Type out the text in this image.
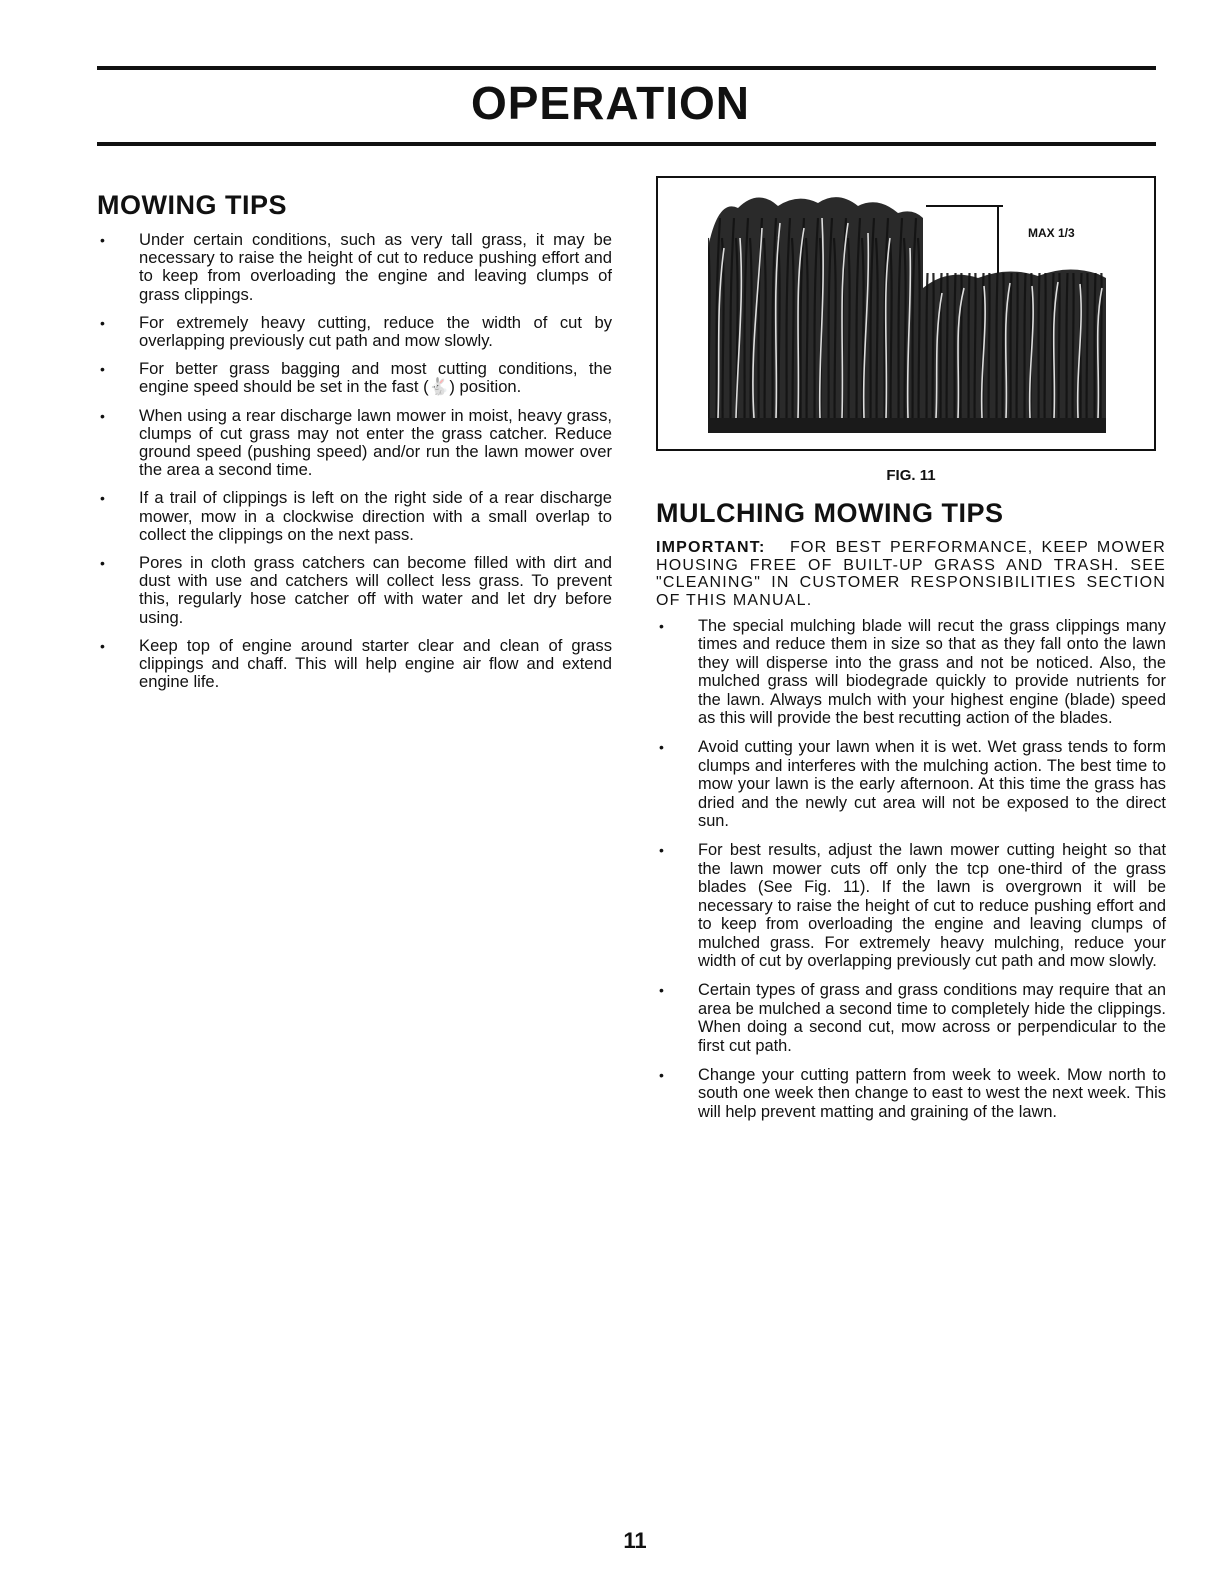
OPERATION
MOWING TIPS
• Under certain conditions, such as very tall grass, it may be necessary to raise the height of cut to reduce pushing effort and to keep from overloading the engine and leaving clumps of grass clippings.
• For extremely heavy cutting, reduce the width of cut by overlapping previously cut path and mow slowly.
• For better grass bagging and most cutting conditions, the engine speed should be set in the fast (🐇) position.
• When using a rear discharge lawn mower in moist, heavy grass, clumps of cut grass may not enter the grass catcher. Reduce ground speed (pushing speed) and/or run the lawn mower over the area a second time.
• If a trail of clippings is left on the right side of a rear discharge mower, mow in a clockwise direction with a small overlap to collect the clippings on the next pass.
• Pores in cloth grass catchers can become filled with dirt and dust with use and catchers will collect less grass. To prevent this, regularly hose catcher off with water and let dry before using.
• Keep top of engine around starter clear and clean of grass clippings and chaff. This will help engine air flow and extend engine life.
MAX 1/3
FIG. 11
MULCHING MOWING TIPS

IMPORTANT: FOR BEST PERFORMANCE, KEEP MOWER HOUSING FREE OF BUILT-UP GRASS AND TRASH. SEE "CLEANING" IN CUSTOMER RESPONSIBILITIES SECTION OF THIS MANUAL.

• The special mulching blade will recut the grass clippings many times and reduce them in size so that as they fall onto the lawn they will disperse into the grass and not be noticed. Also, the mulched grass will biodegrade quickly to provide nutrients for the lawn. Always mulch with your highest engine (blade) speed as this will provide the best recutting action of the blades.
• Avoid cutting your lawn when it is wet. Wet grass tends to form clumps and interferes with the mulching action. The best time to mow your lawn is the early afternoon. At this time the grass has dried and the newly cut area will not be exposed to the direct sun.
• For best results, adjust the lawn mower cutting height so that the lawn mower cuts off only the tcp one-third of the grass blades (See Fig. 11). If the lawn is overgrown it will be necessary to raise the height of cut to reduce pushing effort and to keep from overloading the engine and leaving clumps of mulched grass. For extremely heavy mulching, reduce your width of cut by overlapping previously cut path and mow slowly.
• Certain types of grass and grass conditions may require that an area be mulched a second time to completely hide the clippings. When doing a second cut, mow across or perpendicular to the first cut path.
• Change your cutting pattern from week to week. Mow north to south one week then change to east to west the next week. This will help prevent matting and graining of the lawn.
11
